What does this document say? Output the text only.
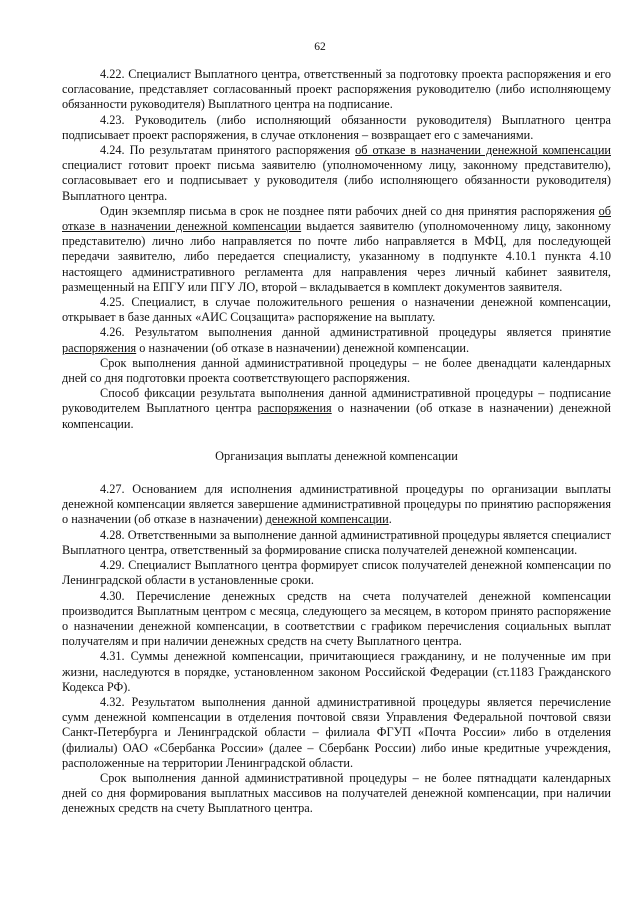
62

4.22. Специалист Выплатного центра, ответственный за подготовку проекта распоряжения и его согласование, представляет согласованный проект распоряжения руководителю (либо исполняющему обязанности руководителя) Выплатного центра на подписание.

4.23. Руководитель (либо исполняющий обязанности руководителя) Выплатного центра подписывает проект распоряжения, в случае отклонения – возвращает его с замечаниями.

4.24. По результатам принятого распоряжения об отказе в назначении денежной компенсации специалист готовит проект письма заявителю (уполномоченному лицу, законному представителю), согласовывает его и подписывает у руководителя (либо исполняющего обязанности руководителя) Выплатного центра.

Один экземпляр письма в срок не позднее пяти рабочих дней со дня принятия распоряжения об отказе в назначении денежной компенсации выдается заявителю (уполномоченному лицу, законному представителю) лично либо направляется по почте либо направляется в МФЦ, для последующей передачи заявителю, либо передается специалисту, указанному в подпункте 4.10.1 пункта 4.10 настоящего административного регламента для направления через личный кабинет заявителя, размещенный на ЕПГУ или ПГУ ЛО, второй – вкладывается в комплект документов заявителя.

4.25. Специалист, в случае положительного решения о назначении денежной компенсации, открывает в базе данных «АИС Соцзащита» распоряжение на выплату.

4.26. Результатом выполнения данной административной процедуры является принятие распоряжения о назначении (об отказе в назначении) денежной компенсации.

Срок выполнения данной административной процедуры – не более двенадцати календарных дней со дня подготовки проекта соответствующего распоряжения.

Способ фиксации результата выполнения данной административной процедуры – подписание руководителем Выплатного центра распоряжения о назначении (об отказе в назначении) денежной компенсации.

Организация выплаты денежной компенсации

4.27. Основанием для исполнения административной процедуры по организации выплаты денежной компенсации является завершение административной процедуры по принятию распоряжения о назначении (об отказе в назначении) денежной компенсации.

4.28. Ответственными за выполнение данной административной процедуры является специалист Выплатного центра, ответственный за формирование списка получателей денежной компенсации.

4.29. Специалист Выплатного центра формирует список получателей денежной компенсации по Ленинградской области в установленные сроки.

4.30. Перечисление денежных средств на счета получателей денежной компенсации производится Выплатным центром с месяца, следующего за месяцем, в котором принято распоряжение о назначении денежной компенсации, в соответствии с графиком перечисления социальных выплат получателям и при наличии денежных средств на счету Выплатного центра.

4.31. Суммы денежной компенсации, причитающиеся гражданину, и не полученные им при жизни, наследуются в порядке, установленном законом Российской Федерации (ст.1183 Гражданского Кодекса РФ).

4.32. Результатом выполнения данной административной процедуры является перечисление сумм денежной компенсации в отделения почтовой связи Управления Федеральной почтовой связи Санкт-Петербурга и Ленинградской области – филиала ФГУП «Почта России» либо в отделения (филиалы) ОАО «Сбербанка России» (далее – Сбербанк России) либо иные кредитные учреждения, расположенные на территории Ленинградской области.

Срок выполнения данной административной процедуры – не более пятнадцати календарных дней со дня формирования выплатных массивов на получателей денежной компенсации, при наличии денежных средств на счету Выплатного центра.
